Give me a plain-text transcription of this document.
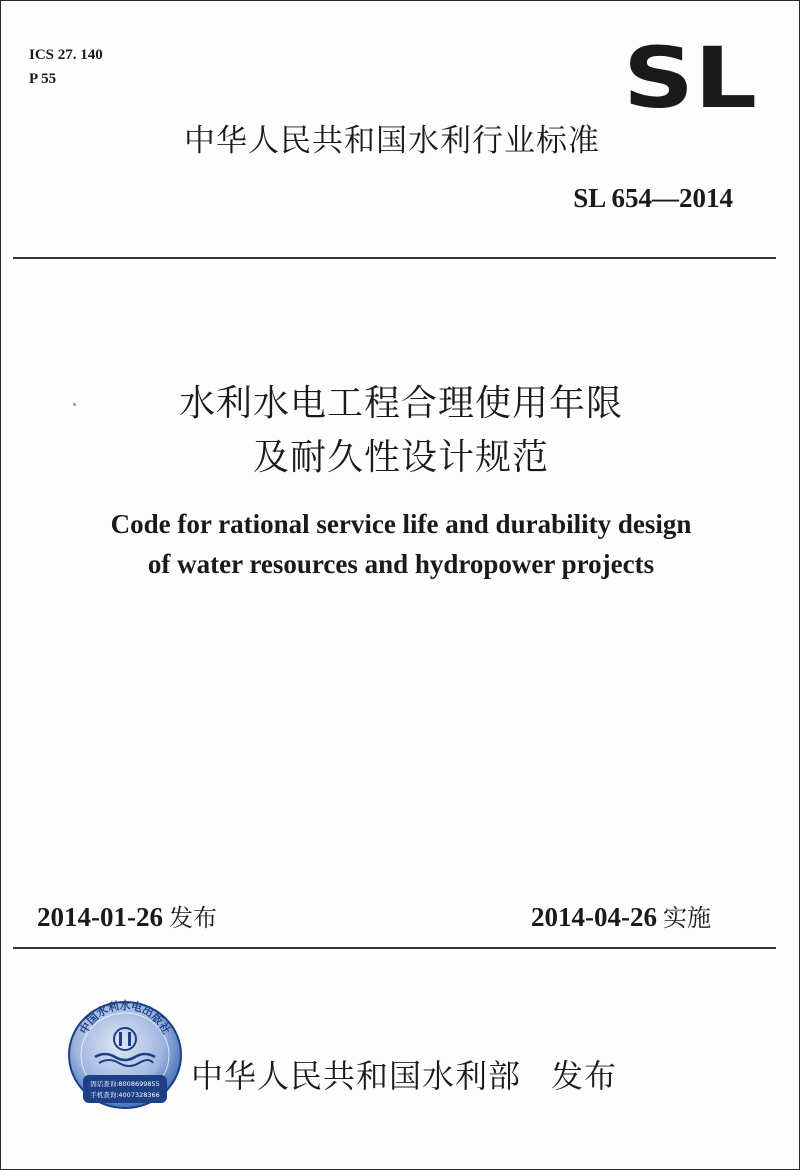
ICS 27. 140
P 55	SL
中华人民共和国水利行业标准
SL 654—2014
水利水电工程合理使用年限
及耐久性设计规范
Code for rational service life and durability design
of water resources and hydropower projects
2014-01-26 发布	2014-04-26 实施
中国水利水电出版社
固话查询:8008699855
手机查询:4007328366 中华人民共和国水利部 发布
